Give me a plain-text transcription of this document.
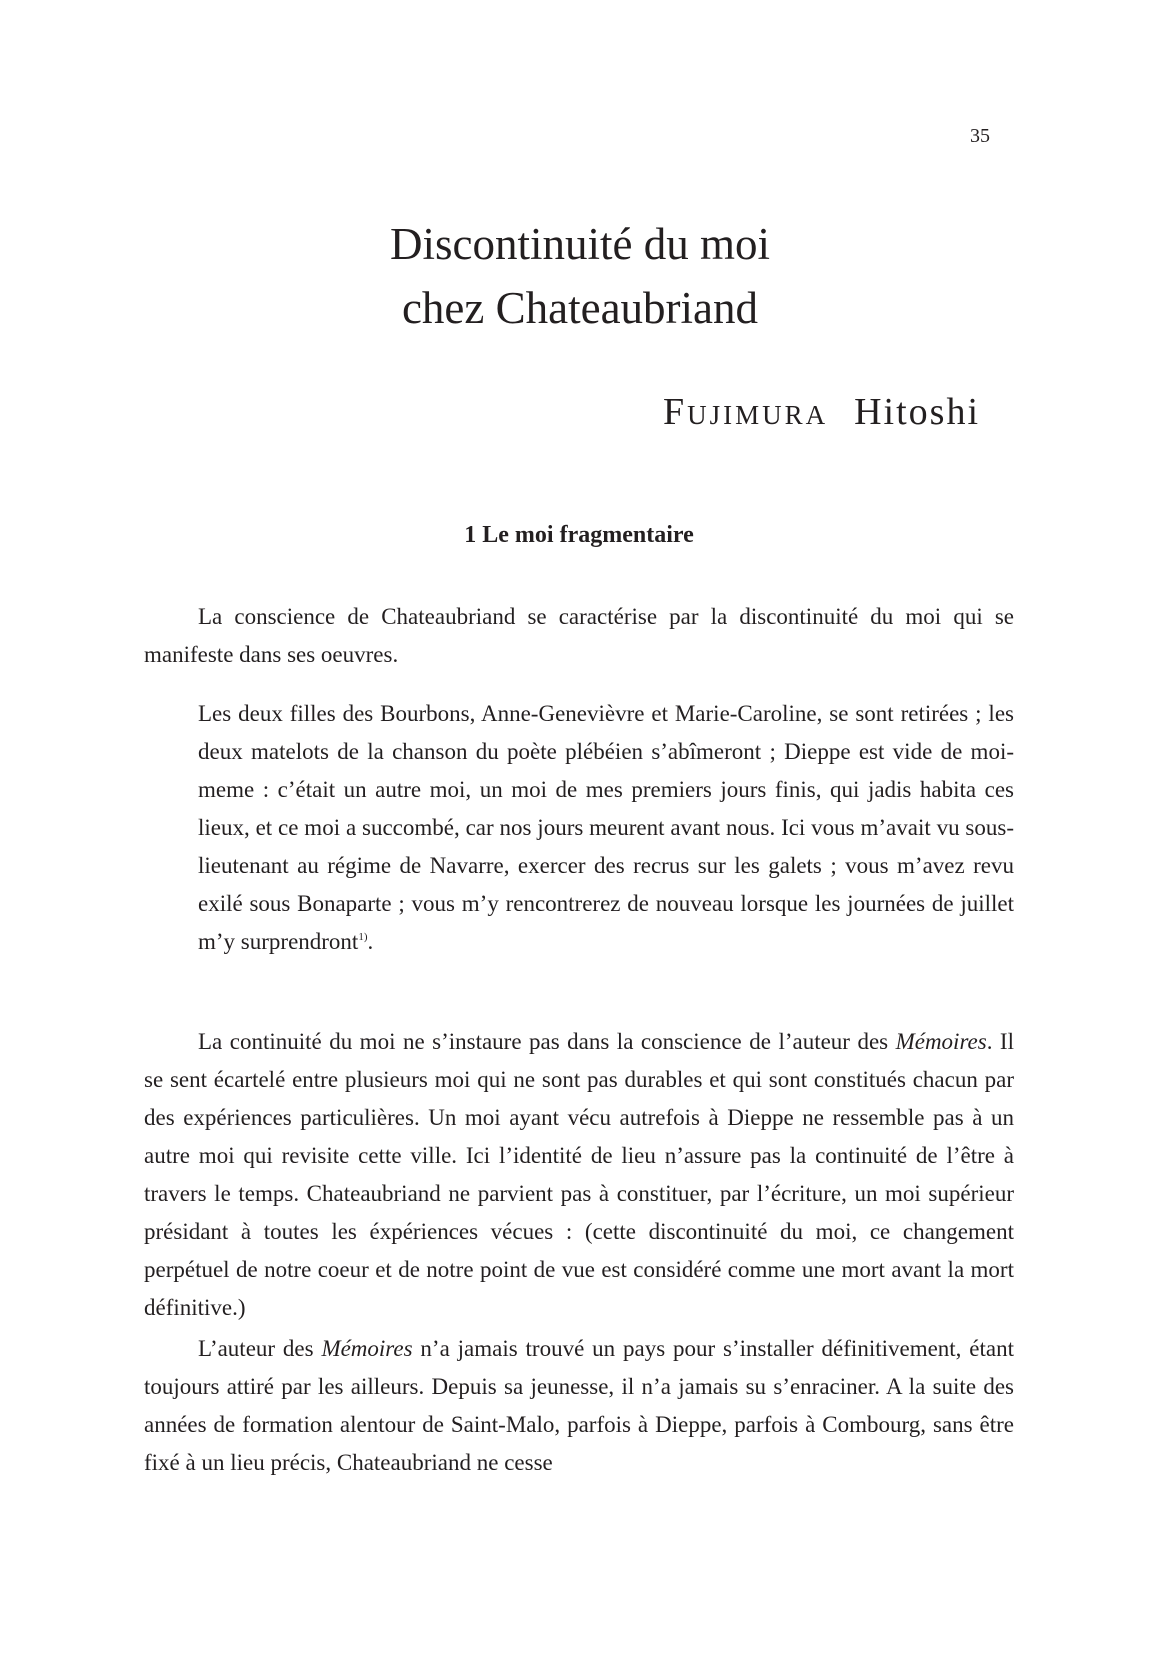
35
Discontinuité du moi
chez Chateaubriand
Fujimura Hitoshi
1 Le moi fragmentaire

La conscience de Chateaubriand se caractérise par la discontinuité du moi qui se manifeste dans ses oeuvres.

Les deux filles des Bourbons, Anne-Genevièvre et Marie-Caroline, se sont retirées ; les deux matelots de la chanson du poète plébéien s’abîmeront ; Dieppe est vide de moi-meme : c’était un autre moi, un moi de mes premiers jours finis, qui jadis habita ces lieux, et ce moi a succombé, car nos jours meurent avant nous. Ici vous m’avait vu sous-lieutenant au régime de Navarre, exercer des recrus sur les galets ; vous m’avez revu exilé sous Bonaparte ; vous m’y rencontrerez de nouveau lorsque les journées de juillet m’y surprendront$^{1)}$.

La continuité du moi ne s’instaure pas dans la conscience de l’auteur des Mémoires. Il se sent écartelé entre plusieurs moi qui ne sont pas durables et qui sont constitués chacun par des expériences particulières. Un moi ayant vécu autrefois à Dieppe ne ressemble pas à un autre moi qui revisite cette ville. Ici l’identité de lieu n’assure pas la continuité de l’être à travers le temps. Chateaubriand ne parvient pas à constituer, par l’écriture, un moi supérieur présidant à toutes les éxpériences vécues : (cette discontinuité du moi, ce changement perpétuel de notre coeur et de notre point de vue est considéré comme une mort avant la mort définitive.)

L’auteur des Mémoires n’a jamais trouvé un pays pour s’installer définitivement, étant toujours attiré par les ailleurs. Depuis sa jeunesse, il n’a jamais su s’enraciner. A la suite des années de formation alentour de Saint-Malo, parfois à Dieppe, parfois à Combourg, sans être fixé à un lieu précis, Chateaubriand ne cesse
